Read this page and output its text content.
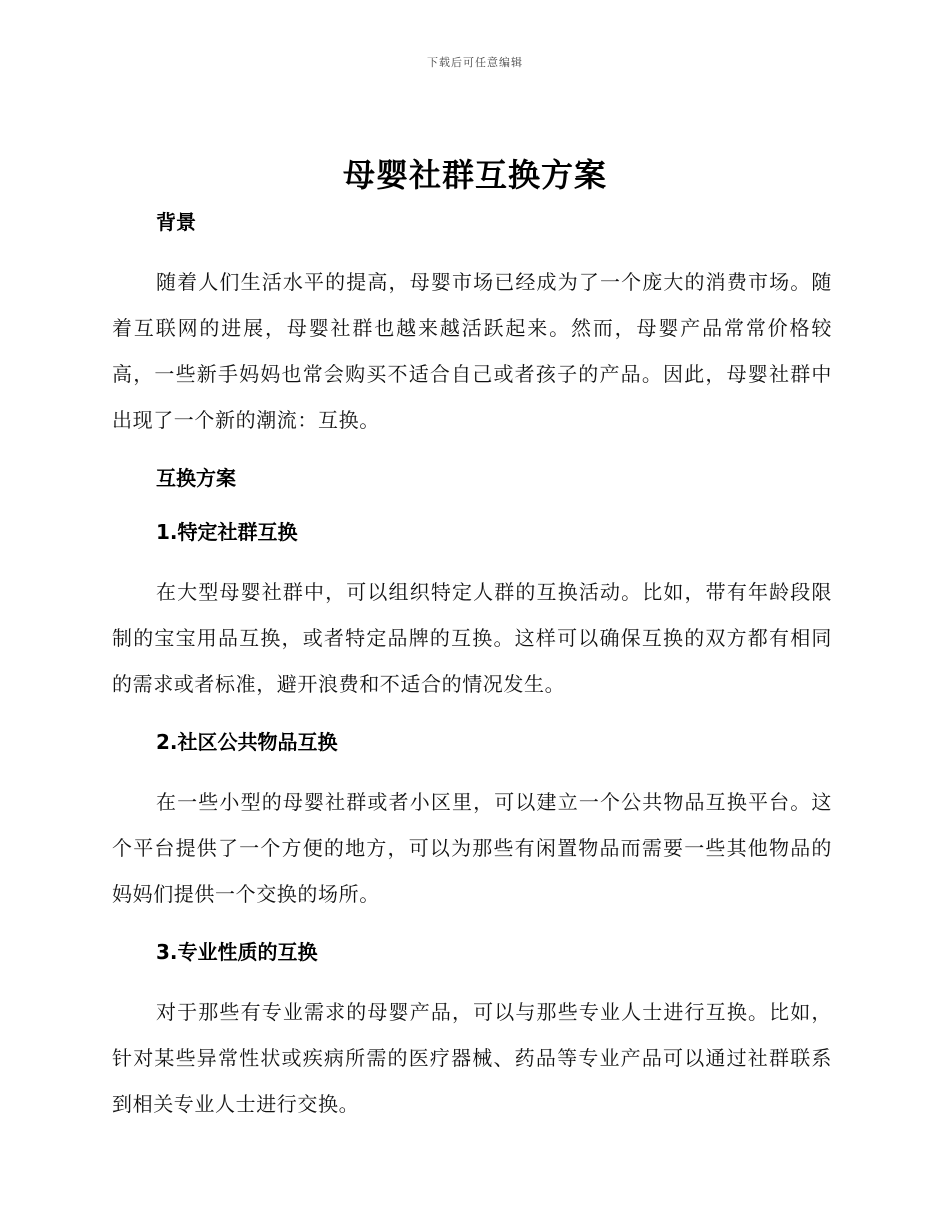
下载后可任意编辑
母婴社群互换方案
背景

随着人们生活水平的提高，母婴市场已经成为了一个庞大的消费市场。随着互联网的进展，母婴社群也越来越活跃起来。然而，母婴产品常常价格较高，一些新手妈妈也常会购买不适合自己或者孩子的产品。因此，母婴社群中出现了一个新的潮流：互换。

互换方案
1.特定社群互换

在大型母婴社群中，可以组织特定人群的互换活动。比如，带有年龄段限制的宝宝用品互换，或者特定品牌的互换。这样可以确保互换的双方都有相同的需求或者标准，避开浪费和不适合的情况发生。

2.社区公共物品互换

在一些小型的母婴社群或者小区里，可以建立一个公共物品互换平台。这个平台提供了一个方便的地方，可以为那些有闲置物品而需要一些其他物品的妈妈们提供一个交换的场所。

3.专业性质的互换

对于那些有专业需求的母婴产品，可以与那些专业人士进行互换。比如，针对某些异常性状或疾病所需的医疗器械、药品等专业产品可以通过社群联系到相关专业人士进行交换。
